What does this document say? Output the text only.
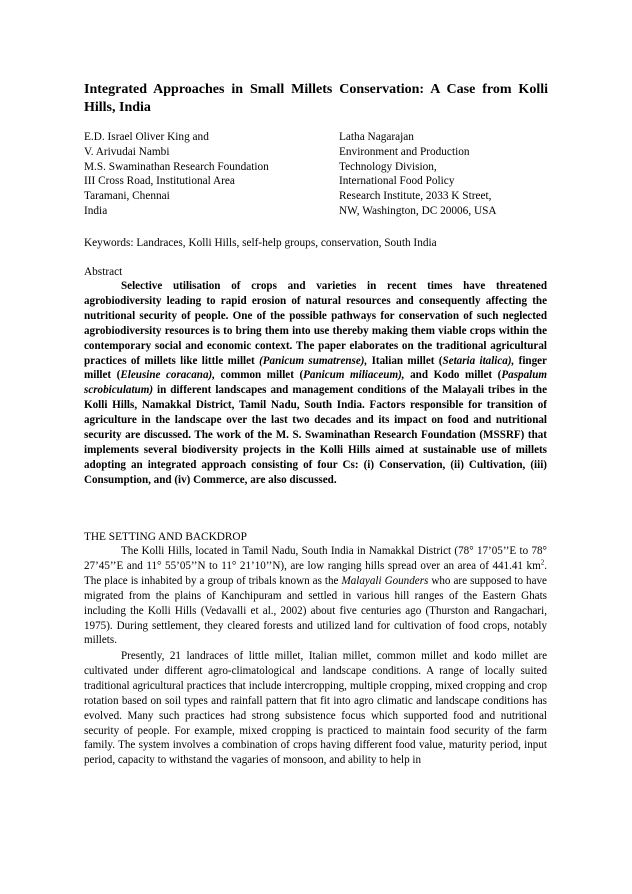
Integrated Approaches in Small Millets Conservation: A Case from Kolli Hills, India
E.D. Israel Oliver King and
V. Arivudai Nambi
M.S. Swaminathan Research Foundation
III Cross Road, Institutional Area
Taramani, Chennai
India
Latha Nagarajan
Environment and Production
Technology Division,
International Food Policy
Research Institute, 2033 K Street,
NW, Washington, DC 20006, USA
Keywords: Landraces, Kolli Hills, self-help groups, conservation, South India
Abstract

Selective utilisation of crops and varieties in recent times have threatened agrobiodiversity leading to rapid erosion of natural resources and consequently affecting the nutritional security of people. One of the possible pathways for conservation of such neglected agrobiodiversity resources is to bring them into use thereby making them viable crops within the contemporary social and economic context. The paper elaborates on the traditional agricultural practices of millets like little millet (Panicum sumatrense), Italian millet (Setaria italica), finger millet (Eleusine coracana), common millet (Panicum miliaceum), and Kodo millet (Paspalum scrobiculatum) in different landscapes and management conditions of the Malayali tribes in the Kolli Hills, Namakkal District, Tamil Nadu, South India. Factors responsible for transition of agriculture in the landscape over the last two decades and its impact on food and nutritional security are discussed. The work of the M. S. Swaminathan Research Foundation (MSSRF) that implements several biodiversity projects in the Kolli Hills aimed at sustainable use of millets adopting an integrated approach consisting of four Cs: (i) Conservation, (ii) Cultivation, (iii) Consumption, and (iv) Commerce, are also discussed.

THE SETTING AND BACKDROP

The Kolli Hills, located in Tamil Nadu, South India in Namakkal District (78° 17’05’’E to 78° 27’45’’E and 11° 55’05’’N to 11° 21’10’’N), are low ranging hills spread over an area of 441.41 $km^2$. The place is inhabited by a group of tribals known as the Malayali Gounders who are supposed to have migrated from the plains of Kanchipuram and settled in various hill ranges of the Eastern Ghats including the Kolli Hills (Vedavalli et al., 2002) about five centuries ago (Thurston and Rangachari, 1975). During settlement, they cleared forests and utilized land for cultivation of food crops, notably millets.

Presently, 21 landraces of little millet, Italian millet, common millet and kodo millet are cultivated under different agro-climatological and landscape conditions. A range of locally suited traditional agricultural practices that include intercropping, multiple cropping, mixed cropping and crop rotation based on soil types and rainfall pattern that fit into agro climatic and landscape conditions has evolved. Many such practices had strong subsistence focus which supported food and nutritional security of people. For example, mixed cropping is practiced to maintain food security of the farm family. The system involves a combination of crops having different food value, maturity period, input period, capacity to withstand the vagaries of monsoon, and ability to help in
